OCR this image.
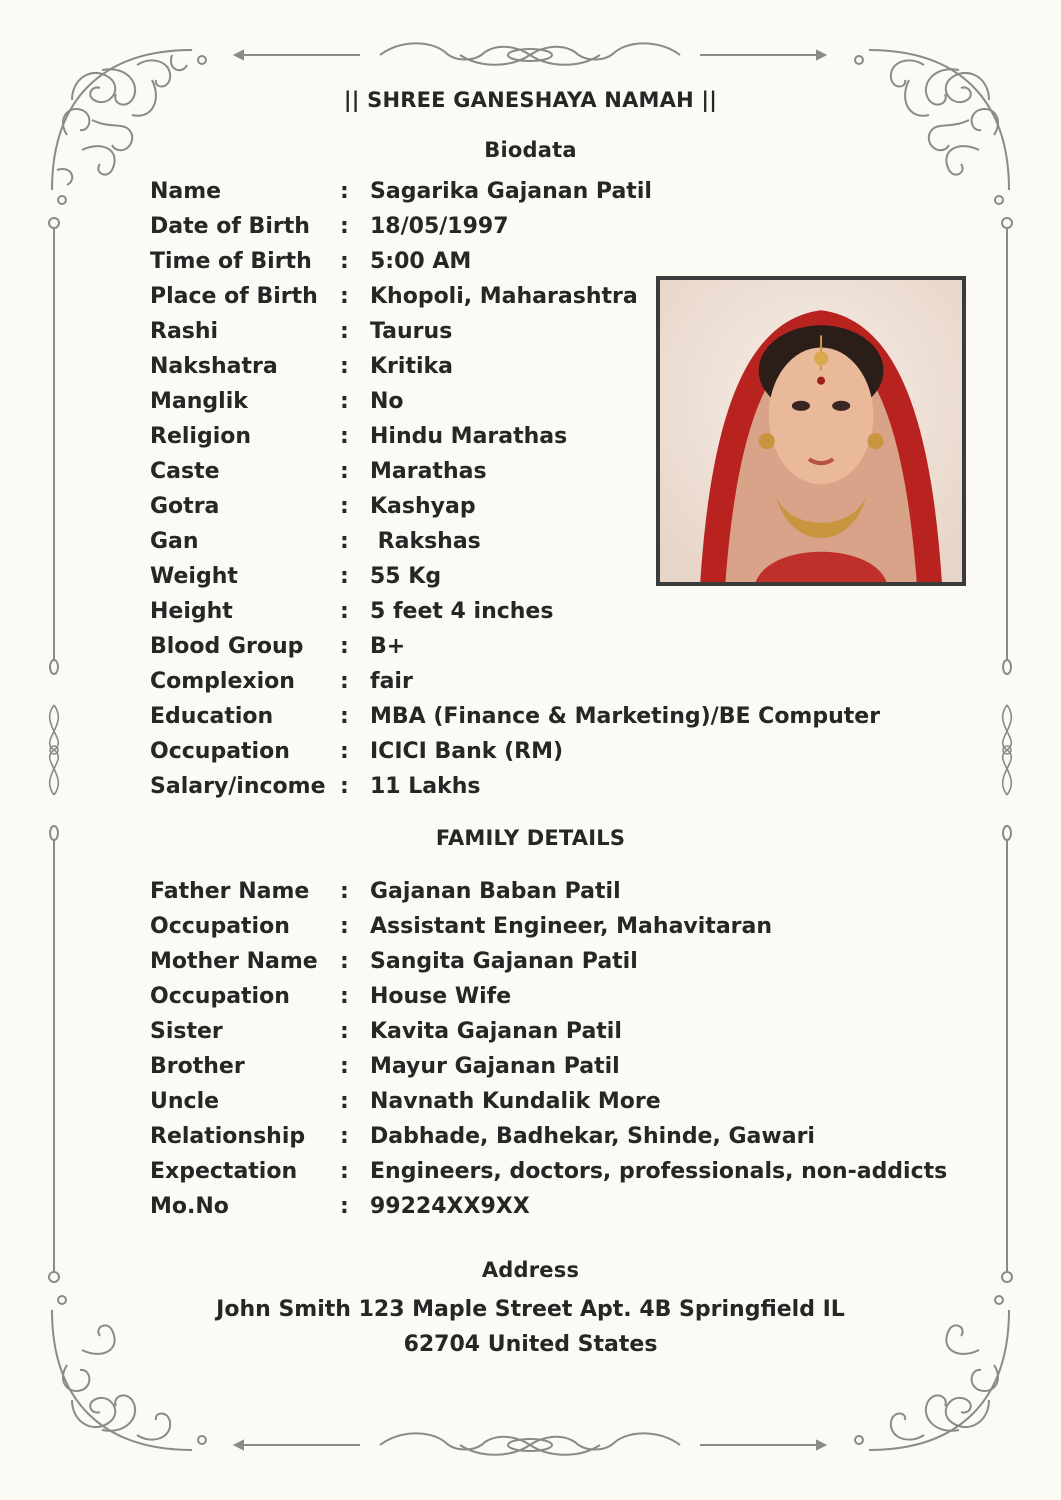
|| SHREE GANESHAYA NAMAH ||
Biodata
Name	: Sagarika Gajanan Patil
Date of Birth	: 18/05/1997
Time of Birth	: 5:00 AM
Place of Birth	: Khopoli, Maharashtra
Rashi	: Taurus
Nakshatra	: Kritika
Manglik	: No
Religion	: Hindu Marathas
Caste	: Marathas
Gotra	: Kashyap
Gan	: Rakshas
Weight	: 55 Kg
Height	: 5 feet 4 inches
Blood Group	: B+
Complexion	: fair
Education	: MBA (Finance & Marketing)/BE Computer
Occupation	: ICICI Bank (RM)
Salary/income : 11 Lakhs
FAMILY DETAILS
Father Name	: Gajanan Baban Patil
Occupation	: Assistant Engineer, Mahavitaran
Mother Name	: Sangita Gajanan Patil
Occupation	: House Wife
Sister	: Kavita Gajanan Patil
Brother	: Mayur Gajanan Patil
Uncle	: Navnath Kundalik More
Relationship	: Dabhade, Badhekar, Shinde, Gawari
Expectation	: Engineers, doctors, professionals, non-addicts
Mo.No	: 99224XX9XX
Address
John Smith 123 Maple Street Apt. 4B Springfield IL
62704 United States
